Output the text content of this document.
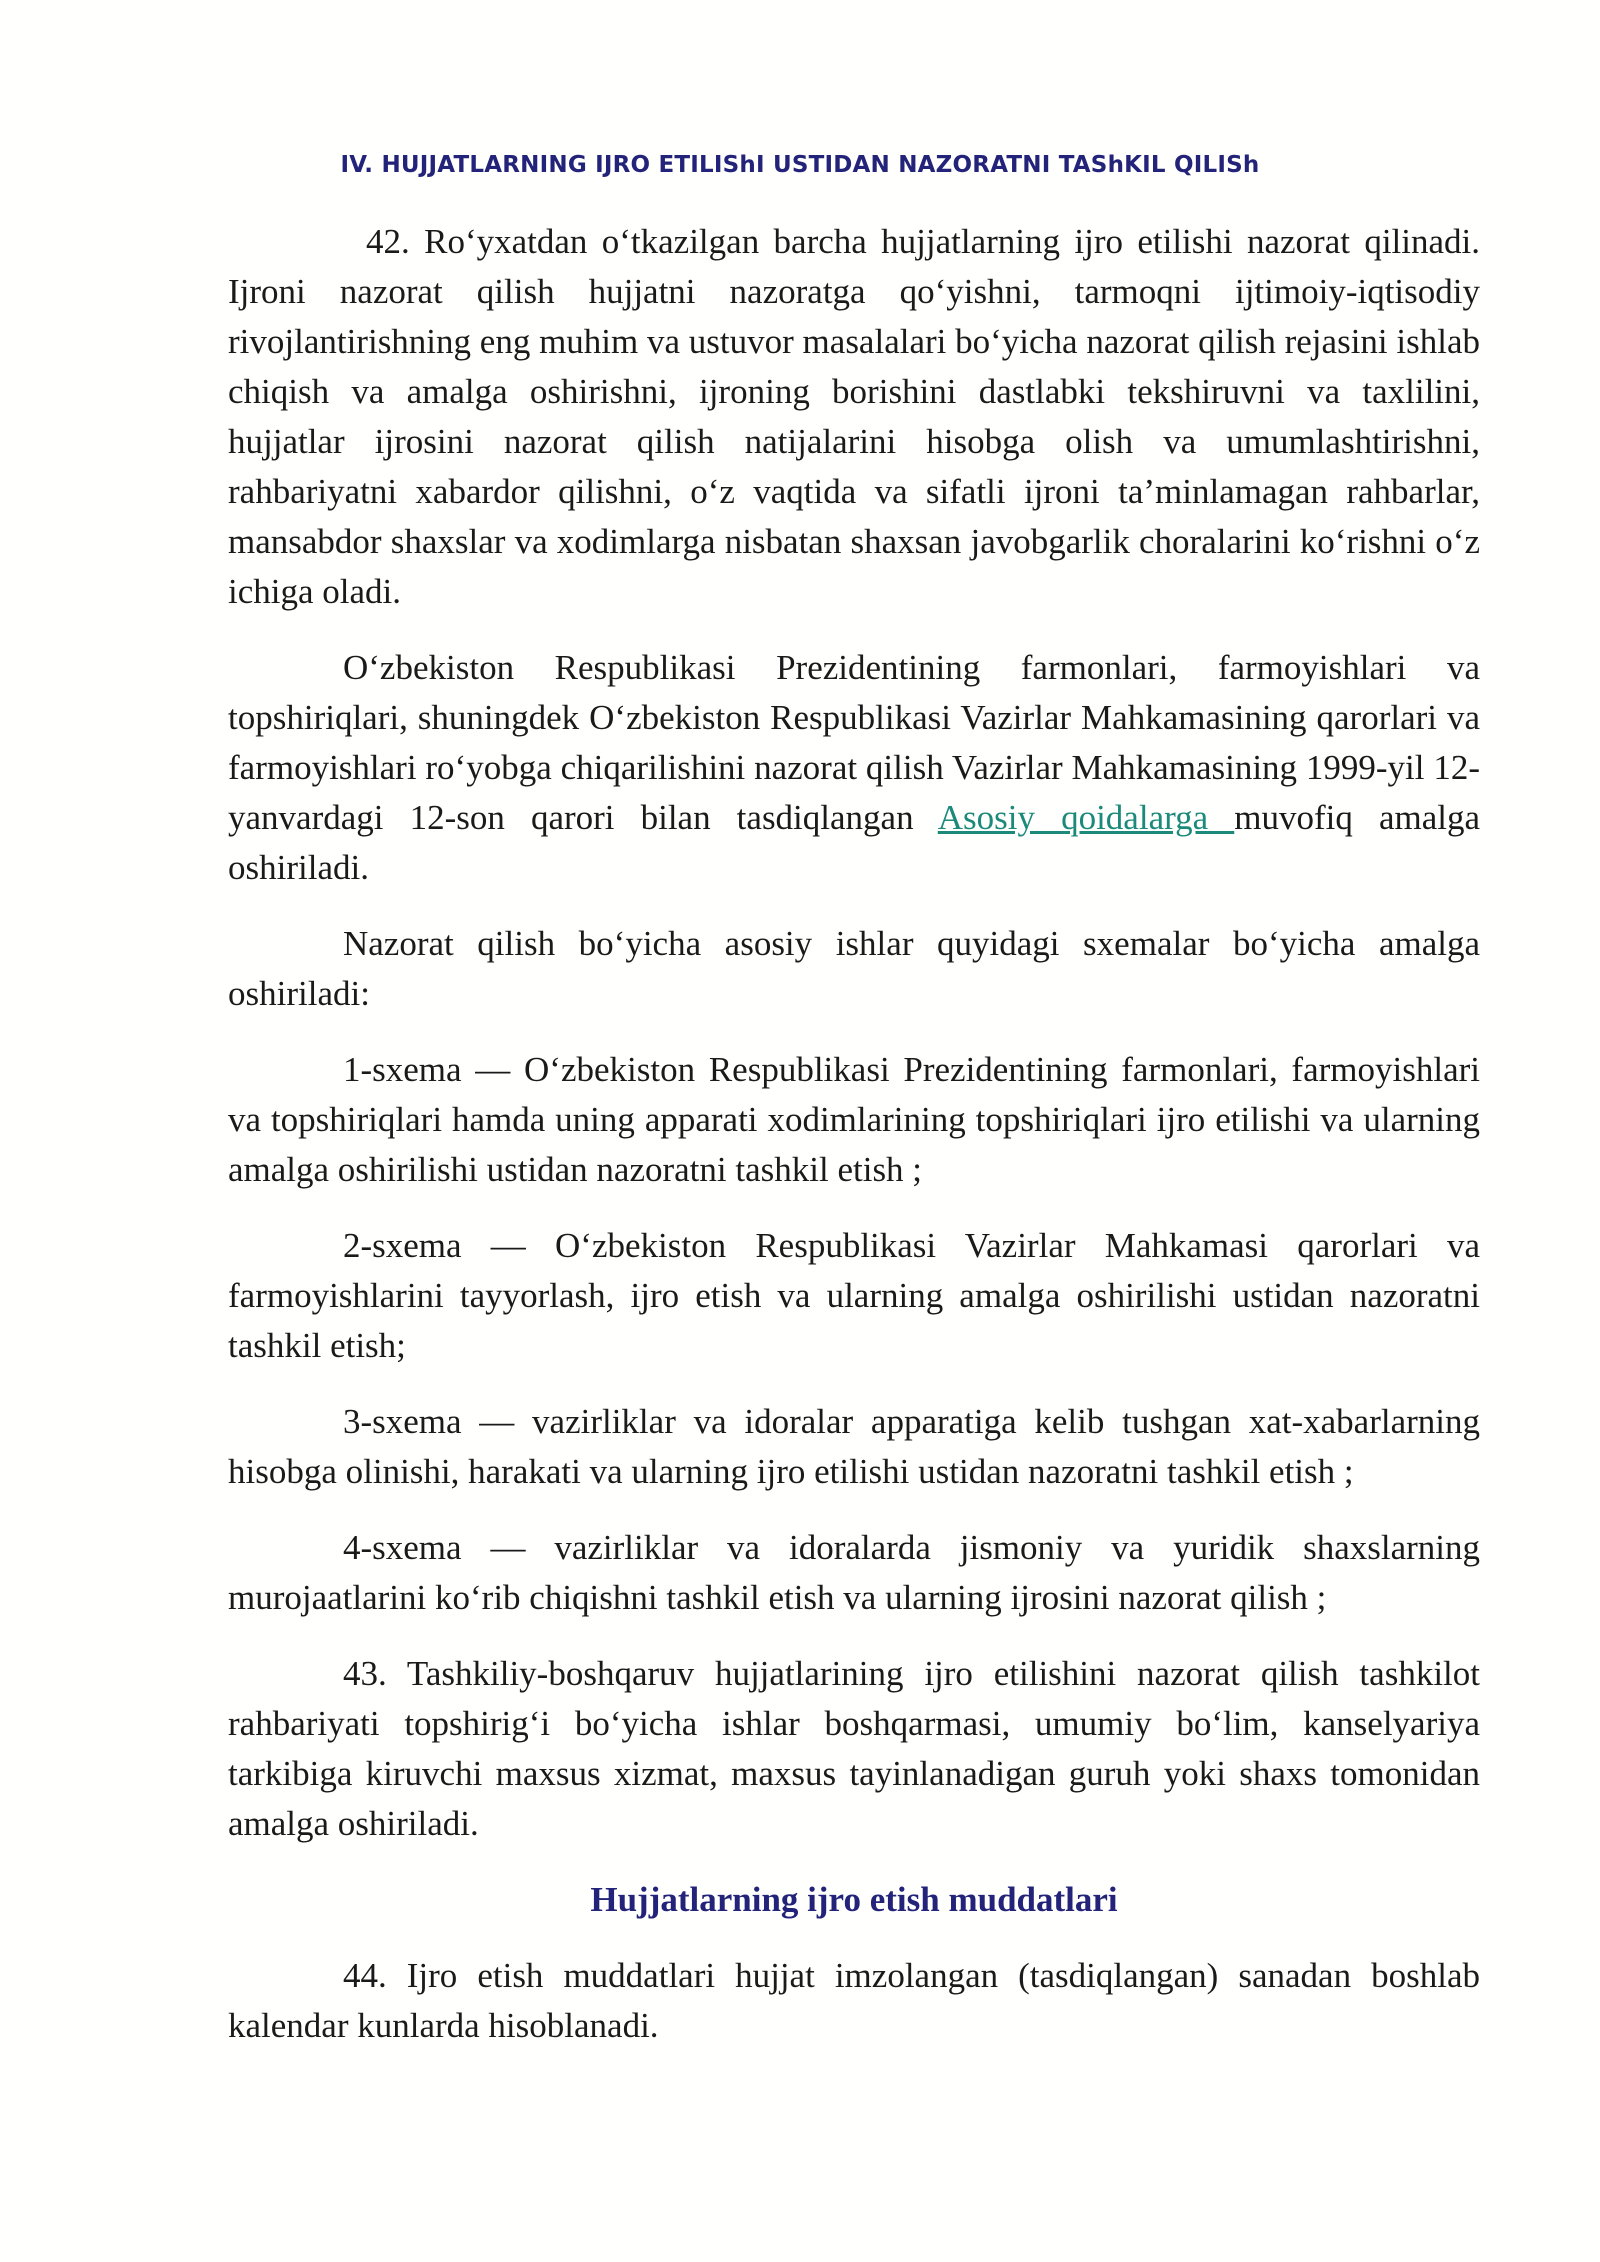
IV. HUJJATLARNING IJRO ETILIShI USTIDAN NAZORATNI TAShKIL QILISh

42. Ro‘yxatdan o‘tkazilgan barcha hujjatlarning ijro etilishi nazorat qilinadi. Ijroni nazorat qilish hujjatni nazoratga qo‘yishni, tarmoqni ijtimoiy-iqtisodiy rivojlantirishning eng muhim va ustuvor masalalari bo‘yicha nazorat qilish rejasini ishlab chiqish va amalga oshirishni, ijroning borishini dastlabki tekshiruvni va taxlilini, hujjatlar ijrosini nazorat qilish natijalarini hisobga olish va umumlashtirishni, rahbariyatni xabardor qilishni, o‘z vaqtida va sifatli ijroni ta’minlamagan rahbarlar, mansabdor shaxslar va xodimlarga nisbatan shaxsan javobgarlik choralarini ko‘rishni o‘z ichiga oladi.

O‘zbekiston Respublikasi Prezidentining farmonlari, farmoyishlari va topshiriqlari, shuningdek O‘zbekiston Respublikasi Vazirlar Mahkamasining qarorlari va farmoyishlari ro‘yobga chiqarilishini nazorat qilish Vazirlar Mahkamasining 1999-yil 12-yanvardagi 12-son qarori bilan tasdiqlangan Asosiy qoidalarga muvofiq amalga oshiriladi.

Nazorat qilish bo‘yicha asosiy ishlar quyidagi sxemalar bo‘yicha amalga oshiriladi:

1-sxema — O‘zbekiston Respublikasi Prezidentining farmonlari, farmoyishlari va topshiriqlari hamda uning apparati xodimlarining topshiriqlari ijro etilishi va ularning amalga oshirilishi ustidan nazoratni tashkil etish ;

2-sxema — O‘zbekiston Respublikasi Vazirlar Mahkamasi qarorlari va farmoyishlarini tayyorlash, ijro etish va ularning amalga oshirilishi ustidan nazoratni tashkil etish;

3-sxema — vazirliklar va idoralar apparatiga kelib tushgan xat-xabarlarning hisobga olinishi, harakati va ularning ijro etilishi ustidan nazoratni tashkil etish ;

4-sxema — vazirliklar va idoralarda jismoniy va yuridik shaxslarning murojaatlarini ko‘rib chiqishni tashkil etish va ularning ijrosini nazorat qilish ;

43. Tashkiliy-boshqaruv hujjatlarining ijro etilishini nazorat qilish tashkilot rahbariyati topshirig‘i bo‘yicha ishlar boshqarmasi, umumiy bo‘lim, kanselyariya tarkibiga kiruvchi maxsus xizmat, maxsus tayinlanadigan guruh yoki shaxs tomonidan amalga oshiriladi.

Hujjatlarning ijro etish muddatlari

44. Ijro etish muddatlari hujjat imzolangan (tasdiqlangan) sanadan boshlab kalendar kunlarda hisoblanadi.
